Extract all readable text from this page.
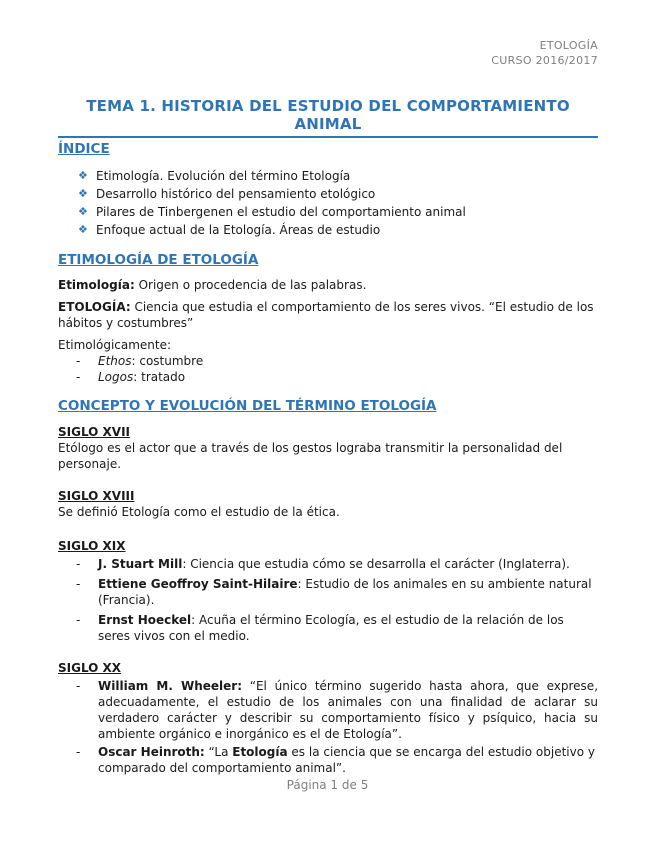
ETOLOGÍA
CURSO 2016/2017
TEMA 1. HISTORIA DEL ESTUDIO DEL COMPORTAMIENTO ANIMAL
ÍNDICE
❖ Etimología. Evolución del término Etología
❖ Desarrollo histórico del pensamiento etológico
❖ Pilares de Tinbergenen el estudio del comportamiento animal
❖ Enfoque actual de la Etología. Áreas de estudio
ETIMOLOGÍA DE ETOLOGÍA

Etimología: Origen o procedencia de las palabras.

ETOLOGÍA: Ciencia que estudia el comportamiento de los seres vivos. “El estudio de los hábitos y costumbres”

Etimológicamente:

- Ethos: costumbre
- Logos: tratado
CONCEPTO Y EVOLUCIÓN DEL TÉRMINO ETOLOGÍA

SIGLO XVII

Etólogo es el actor que a través de los gestos lograba transmitir la personalidad del personaje.

SIGLO XVIII

Se definió Etología como el estudio de la ética.

SIGLO XIX

- J. Stuart Mill: Ciencia que estudia cómo se desarrolla el carácter (Inglaterra).
- Ettiene Geoffroy Saint-Hilaire: Estudio de los animales en su ambiente natural (Francia).
- Ernst Hoeckel: Acuña el término Ecología, es el estudio de la relación de los seres vivos con el medio.

SIGLO XX

- William M. Wheeler: “El único término sugerido hasta ahora, que exprese, adecuadamente, el estudio de los animales con una finalidad de aclarar su verdadero carácter y describir su comportamiento físico y psíquico, hacia su ambiente orgánico e inorgánico es el de Etología”.
- Oscar Heinroth: “La Etología es la ciencia que se encarga del estudio objetivo y comparado del comportamiento animal”.
Página 1 de 5
